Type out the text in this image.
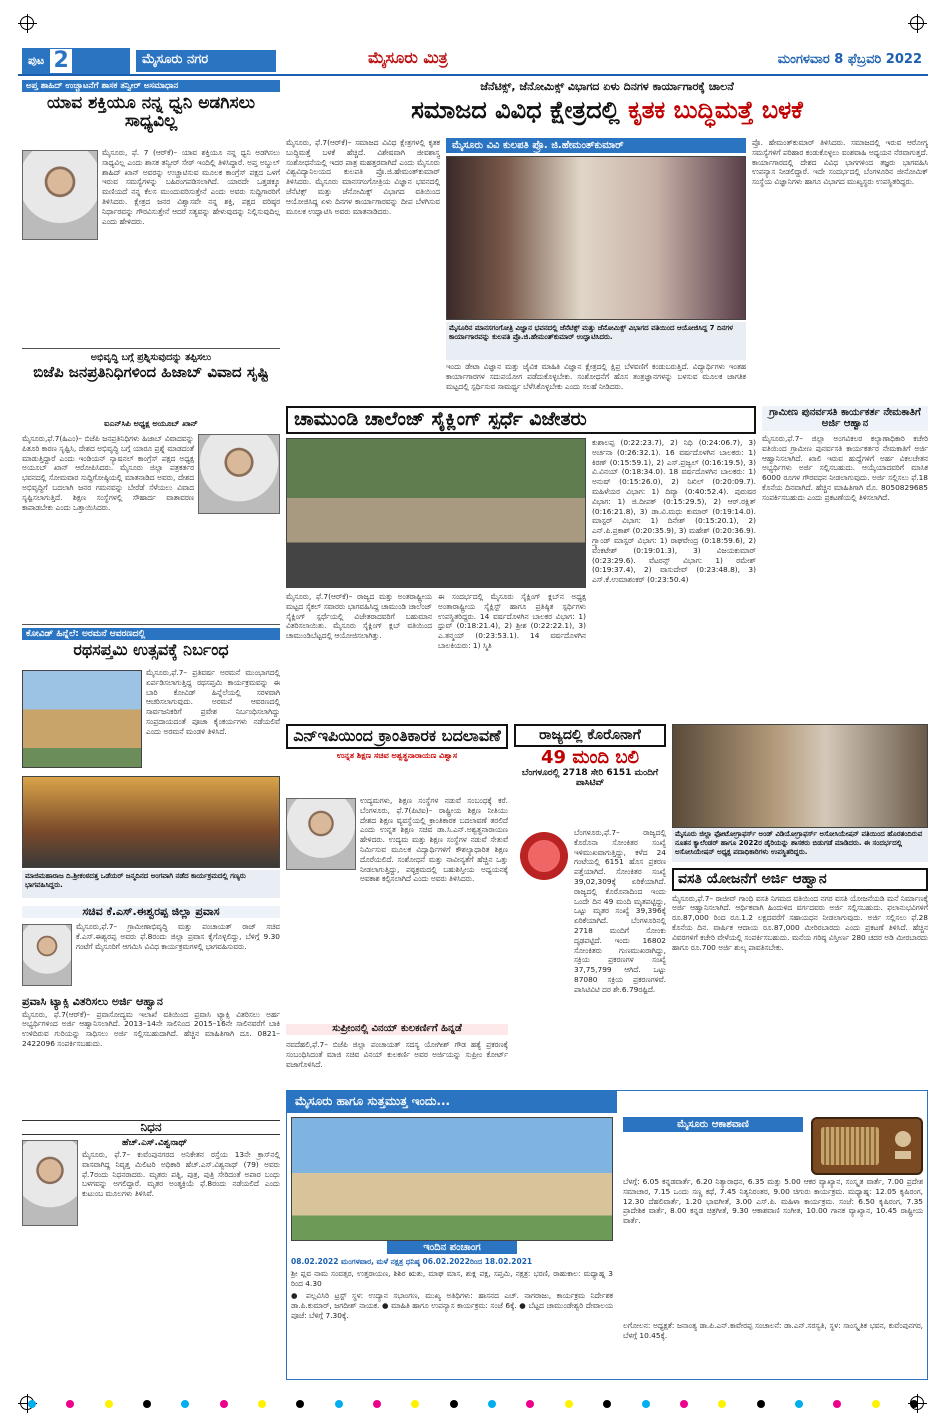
ಪುಟ 2	ಮೈಸೂರು ನಗರ	ಮೈಸೂರು ಮಿತ್ರ	ಮಂಗಳವಾರ 8 ಫೆಬ್ರವರಿ 2022
ಅಪ್ತ ಶಾಹಿದ್ ಉಚ್ಚಾಟನೆಗೆ ಶಾಸಕ ತನ್ವೀರ್ ಅಸಮಾಧಾನ
ಯಾವ ಶಕ್ತಿಯೂ ನನ್ನ ಧ್ವನಿ ಅಡಗಿಸಲು ಸಾಧ್ಯವಿಲ್ಲ
ಮೈಸೂರು, ಫೆ. 7 (ಆರ್‌ಕೆ)– ಯಾವ ಶಕ್ತಿಯೂ ನನ್ನ ಧ್ವನಿ ಅಡಗಿಸಲು ಸಾಧ್ಯವಿಲ್ಲ ಎಂದು ಶಾಸಕ ತನ್ವೀರ್ ಸೇಠ್ ಇಂದಿಲ್ಲಿ ತಿಳಿಸಿದ್ದಾರೆ. ಅಪ್ತ ಅಬ್ದುಲ್ ಶಾಹಿದ್ ಖಾನ್ ಅವರನ್ನು ಉಚ್ಚಾಟಿಸುವ ಮೂಲಕ ಕಾಂಗ್ರೆಸ್ ಪಕ್ಷದ ಒಳಗೆ ಇರುವ ಸಮಸ್ಯೆಗಳನ್ನು ಬಹಿರಂಗಪಡಿಸಲಾಗಿದೆ. ಯಾರದೇ ಒತ್ತಡಕ್ಕೂ ಮಣಿಯದೆ ನನ್ನ ಕೆಲಸ ಮುಂದುವರಿಸುತ್ತೇನೆ ಎಂದು ಅವರು ಸುದ್ದಿಗಾರರಿಗೆ ತಿಳಿಸಿದರು. ಕ್ಷೇತ್ರದ ಜನರ ವಿಶ್ವಾಸವೇ ನನ್ನ ಶಕ್ತಿ, ಪಕ್ಷದ ವರಿಷ್ಠರ ನಿರ್ಧಾರವನ್ನು ಗೌರವಿಸುತ್ತೇನೆ ಆದರೆ ಸತ್ಯವನ್ನು ಹೇಳುವುದನ್ನು ನಿಲ್ಲಿಸುವುದಿಲ್ಲ ಎಂದು ಹೇಳಿದರು.
ಅಭಿವೃದ್ಧಿ ಬಗ್ಗೆ ಪ್ರಶ್ನಿಸುವುದನ್ನು ತಪ್ಪಿಸಲು
ಬಿಜೆಪಿ ಜನಪ್ರತಿನಿಧಿಗಳಿಂದ ಹಿಜಾಬ್ ವಿವಾದ ಸೃಷ್ಟಿ
ಐಎನ್‌ಸಿಪಿ ಅಧ್ಯಕ್ಷ ಅಯೂಬ್ ಖಾನ್
ಮೈಸೂರು,ಫೆ.7(ಹಿಎಂ)– ಬಿಜೆಪಿ ಜನಪ್ರತಿನಿಧಿಗಳು ಹಿಜಾಬ್ ವಿವಾದವನ್ನು ಪಿತೂರಿ ಕಾರಣ ಸೃಷ್ಟಿಸಿ, ದೇಶದ ಅಭಿವೃದ್ಧಿ ಬಗ್ಗೆ ಯಾರೂ ಪ್ರಶ್ನೆ ಮಾಡದಂತೆ ಮಾಡುತ್ತಿದ್ದಾರೆ ಎಂದು ಇಂಡಿಯನ್ ನ್ಯಾಷನಲ್ ಕಾಂಗ್ರೆಸ್ ಪಕ್ಷದ ಅಧ್ಯಕ್ಷ ಅಯೂಬ್ ಖಾನ್ ಆರೋಪಿಸಿದರು. ಮೈಸೂರು ಜಿಲ್ಲಾ ಪತ್ರಕರ್ತರ ಭವನದಲ್ಲಿ ಸೋಮವಾರ ಸುದ್ದಿಗೋಷ್ಠಿಯಲ್ಲಿ ಮಾತನಾಡಿದ ಅವರು, ದೇಶದ ಅಭಿವೃದ್ಧಿಗೆ ಬದಲಾಗಿ ಜನರ ಗಮನವನ್ನು ಬೇರೆಡೆ ಸೆಳೆಯಲು ವಿವಾದ ಸೃಷ್ಟಿಸಲಾಗುತ್ತಿದೆ. ಶಿಕ್ಷಣ ಸಂಸ್ಥೆಗಳಲ್ಲಿ ಸೌಹಾರ್ದ ವಾತಾವರಣ ಕಾಪಾಡಬೇಕು ಎಂದು ಒತ್ತಾಯಿಸಿದರು.
ಕೋವಿಡ್ ಹಿನ್ನೆಲೆ: ಅರಮನೆ ಆವರಣದಲ್ಲಿ
ರಥಸಪ್ತಮಿ ಉತ್ಸವಕ್ಕೆ ನಿರ್ಬಂಧ
ಮೈಸೂರು,ಫೆ.7– ಪ್ರತಿವರ್ಷ ಅರಮನೆ ಮುಂಭಾಗದಲ್ಲಿ ಏರ್ಪಡಿಸಲಾಗುತ್ತಿದ್ದ ರಥಸಪ್ತಮಿ ಕಾರ್ಯಕ್ರಮವನ್ನು ಈ ಬಾರಿ ಕೋವಿಡ್ ಹಿನ್ನೆಲೆಯಲ್ಲಿ ಸರಳವಾಗಿ ಆಚರಿಸಲಾಗುವುದು. ಅರಮನೆ ಆವರಣದಲ್ಲಿ ಸಾರ್ವಜನಿಕರಿಗೆ ಪ್ರವೇಶ ನಿರ್ಬಂಧಿಸಲಾಗಿದ್ದು ಸಂಪ್ರದಾಯದಂತೆ ಪೂಜಾ ಕೈಂಕರ್ಯಗಳು ನಡೆಯಲಿವೆ ಎಂದು ಅರಮನೆ ಮಂಡಳಿ ತಿಳಿಸಿದೆ.
ಮಾಜಿಮಹಾರಾಜ ದಿ.ಶ್ರೀಕಂಠದತ್ತ ಒಡೆಯರ್ ಜನ್ಮದಿನದ ಅಂಗವಾಗಿ ನಡೆದ ಕಾರ್ಯಕ್ರಮದಲ್ಲಿ ಗಣ್ಯರು ಭಾಗವಹಿಸಿದ್ದರು.
ಸಚಿವ ಕೆ.ಎಸ್.ಈಶ್ವರಪ್ಪ ಜಿಲ್ಲಾ ಪ್ರವಾಸ
ಮೈಸೂರು,ಫೆ.7– ಗ್ರಾಮೀಣಾಭಿವೃದ್ಧಿ ಮತ್ತು ಪಂಚಾಯತ್ ರಾಜ್ ಸಚಿವ ಕೆ.ಎಸ್.ಈಶ್ವರಪ್ಪ ಅವರು ಫೆ.8ರಂದು ಜಿಲ್ಲಾ ಪ್ರವಾಸ ಕೈಗೊಳ್ಳಲಿದ್ದು, ಬೆಳಿಗ್ಗೆ 9.30 ಗಂಟೆಗೆ ಮೈಸೂರಿಗೆ ಆಗಮಿಸಿ ವಿವಿಧ ಕಾರ್ಯಕ್ರಮಗಳಲ್ಲಿ ಭಾಗವಹಿಸುವರು.
ಪ್ರವಾಸಿ ಟ್ಯಾಕ್ಸಿ ವಿತರಿಸಲು ಅರ್ಜಿ ಆಹ್ವಾನ
ಮೈಸೂರು, ಫೆ.7(ಆರ್‌ಕೆ)– ಪ್ರವಾಸೋದ್ಯಮ ಇಲಾಖೆ ವತಿಯಿಂದ ಪ್ರವಾಸಿ ಟ್ಯಾಕ್ಸಿ ವಿತರಿಸಲು ಅರ್ಹ ಅಭ್ಯರ್ಥಿಗಳಿಂದ ಅರ್ಜಿ ಆಹ್ವಾನಿಸಲಾಗಿದೆ. 2013–14ನೇ ಸಾಲಿನಿಂದ 2015–16ನೇ ಸಾಲಿನವರೆಗೆ ಬಾಕಿ ಉಳಿದಿರುವ ಗುರಿಯನ್ನು ಸಾಧಿಸಲು ಅರ್ಜಿ ಸಲ್ಲಿಸಬಹುದಾಗಿದೆ. ಹೆಚ್ಚಿನ ಮಾಹಿತಿಗಾಗಿ ದೂ. 0821–2422096 ಸಂಪರ್ಕಿಸಬಹುದು.
ನಿಧನ
ಹೆಚ್.ಎಸ್.ವಿಶ್ವನಾಥ್
ಮೈಸೂರು, ಫೆ.7– ಕುವೆಂಪುನಗರದ ಅನಿಕೇತನ ರಸ್ತೆಯ 13ನೇ ಕ್ರಾಸ್‌ನಲ್ಲಿ ವಾಸವಾಗಿದ್ದ ನಿವೃತ್ತ ಮಿಲಿಟರಿ ಅಧಿಕಾರಿ ಹೆಚ್.ಎಸ್.ವಿಶ್ವನಾಥ್ (79) ಅವರು ಫೆ.7ರಂದು ನಿಧನರಾದರು. ಮೃತರು ಪತ್ನಿ, ಪುತ್ರ, ಪುತ್ರಿ ಸೇರಿದಂತೆ ಅಪಾರ ಬಂಧು ಬಳಗವನ್ನು ಅಗಲಿದ್ದಾರೆ. ಮೃತರ ಅಂತ್ಯಕ್ರಿಯೆ ಫೆ.8ರಂದು ನಡೆಯಲಿದೆ ಎಂದು ಕುಟುಂಬ ಮೂಲಗಳು ತಿಳಿಸಿವೆ.
ಜೆನೆಟಿಕ್ಸ್, ಜೆನೋಮಿಕ್ಸ್ ವಿಭಾಗದ ಏಳು ದಿನಗಳ ಕಾರ್ಯಾಗಾರಕ್ಕೆ ಚಾಲನೆ
ಸಮಾಜದ ವಿವಿಧ ಕ್ಷೇತ್ರದಲ್ಲಿ ಕೃತಕ ಬುದ್ಧಿಮತ್ತೆ ಬಳಕೆ
ಮೈಸೂರು ವಿವಿ ಕುಲಪತಿ ಪ್ರೊ. ಜಿ.ಹೇಮಂತ್‌ಕುಮಾರ್
ಮೈಸೂರಿನ ಮಾನಸಗಂಗೋತ್ರಿ ವಿಜ್ಞಾನ ಭವನದಲ್ಲಿ ಜೆನೆಟಿಕ್ಸ್ ಮತ್ತು ಜೆನೋಮಿಕ್ಸ್ ವಿಭಾಗದ ವತಿಯಿಂದ ಆಯೋಜಿಸಿದ್ದ 7 ದಿನಗಳ ಕಾರ್ಯಾಗಾರವನ್ನು ಕುಲಪತಿ ಪ್ರೊ.ಜಿ.ಹೇಮಂತ್‌ಕುಮಾರ್ ಉದ್ಘಾಟಿಸಿದರು.
ಮೈಸೂರು, ಫೆ.7(ಆರ್‌ಕೆ)– ಸಮಾಜದ ವಿವಿಧ ಕ್ಷೇತ್ರಗಳಲ್ಲಿ ಕೃತಕ ಬುದ್ಧಿಮತ್ತೆ ಬಳಕೆ ಹೆಚ್ಚಿದೆ. ವಿಶೇಷವಾಗಿ ಜೀವಶಾಸ್ತ್ರ ಸಂಶೋಧನೆಯಲ್ಲಿ ಇದರ ಪಾತ್ರ ಮಹತ್ತರವಾಗಿದೆ ಎಂದು ಮೈಸೂರು ವಿಶ್ವವಿದ್ಯಾನಿಲಯದ ಕುಲಪತಿ ಪ್ರೊ.ಜಿ.ಹೇಮಂತ್‌ಕುಮಾರ್ ತಿಳಿಸಿದರು. ಮೈಸೂರು ಮಾನಸಗಂಗೋತ್ರಿಯ ವಿಜ್ಞಾನ ಭವನದಲ್ಲಿ ಜೆನೆಟಿಕ್ಸ್ ಮತ್ತು ಜೆನೋಮಿಕ್ಸ್ ವಿಭಾಗದ ವತಿಯಿಂದ ಆಯೋಜಿಸಿದ್ದ ಏಳು ದಿನಗಳ ಕಾರ್ಯಾಗಾರವನ್ನು ದೀಪ ಬೆಳಗಿಸುವ ಮೂಲಕ ಉದ್ಘಾಟಿಸಿ ಅವರು ಮಾತನಾಡಿದರು.
ಇಂದು ಡೇಟಾ ವಿಜ್ಞಾನ ಮತ್ತು ಜೈವಿಕ ಮಾಹಿತಿ ವಿಜ್ಞಾನ ಕ್ಷೇತ್ರದಲ್ಲಿ ಕ್ಷಿಪ್ರ ಬೆಳವಣಿಗೆ ಕಂಡುಬರುತ್ತಿದೆ. ವಿದ್ಯಾರ್ಥಿಗಳು ಇಂತಹ ಕಾರ್ಯಾಗಾರಗಳ ಸದುಪಯೋಗ ಪಡೆದುಕೊಳ್ಳಬೇಕು. ಸಂಶೋಧನೆಗೆ ಹೊಸ ತಂತ್ರಜ್ಞಾನಗಳನ್ನು ಬಳಸುವ ಮೂಲಕ ಜಾಗತಿಕ ಮಟ್ಟದಲ್ಲಿ ಸ್ಪರ್ಧಿಸುವ ಸಾಮರ್ಥ್ಯ ಬೆಳೆಸಿಕೊಳ್ಳಬೇಕು ಎಂದು ಸಲಹೆ ನೀಡಿದರು.
ಪ್ರೊ. ಹೇಮಂತ್‌ಕುಮಾರ್ ತಿಳಿಸಿದರು. ಸಮಾಜದಲ್ಲಿ ಇರುವ ಆರೋಗ್ಯ ಸಮಸ್ಯೆಗಳಿಗೆ ಪರಿಹಾರ ಕಂಡುಕೊಳ್ಳಲು ವಂಶವಾಹಿ ಅಧ್ಯಯನ ನೆರವಾಗುತ್ತದೆ. ಕಾರ್ಯಾಗಾರದಲ್ಲಿ ದೇಶದ ವಿವಿಧ ಭಾಗಗಳಿಂದ ತಜ್ಞರು ಭಾಗವಹಿಸಿ ಉಪನ್ಯಾಸ ನೀಡಲಿದ್ದಾರೆ. ಇದೇ ಸಂದರ್ಭದಲ್ಲಿ ಬೆಂಗಳೂರಿನ ಜೀನೋಮಿಕ್ ಸಂಸ್ಥೆಯ ವಿಜ್ಞಾನಿಗಳು ಹಾಗೂ ವಿಭಾಗದ ಮುಖ್ಯಸ್ಥರು ಉಪಸ್ಥಿತರಿದ್ದರು.
ಚಾಮುಂಡಿ ಚಾಲೆಂಜ್ ಸೈಕ್ಲಿಂಗ್ ಸ್ಪರ್ಧೆ ವಿಜೇತರು
ಮೈಸೂರು, ಫೆ.7(ಆರ್‌ಕೆ)– ರಾಜ್ಯದ ಮತ್ತು ಅಂತರಾಷ್ಟ್ರೀಯ ಮಟ್ಟದ ಸೈಕಲ್ ಸವಾರರು ಭಾಗವಹಿಸಿದ್ದ ಚಾಮುಂಡಿ ಚಾಲೆಂಜ್ ಸೈಕ್ಲಿಂಗ್ ಸ್ಪರ್ಧೆಯಲ್ಲಿ ವಿಜೇತರಾದವರಿಗೆ ಬಹುಮಾನ ವಿತರಿಸಲಾಯಿತು. ಮೈಸೂರು ಸೈಕ್ಲಿಂಗ್ ಕ್ಲಬ್ ವತಿಯಿಂದ ಚಾಮುಂಡಿಬೆಟ್ಟದಲ್ಲಿ ಆಯೋಜಿಸಲಾಗಿತ್ತು.
ಈ ಸಂದರ್ಭದಲ್ಲಿ ಮೈಸೂರು ಸೈಕ್ಲಿಂಗ್ ಕ್ಲಬ್‌ನ ಅಧ್ಯಕ್ಷ ಅಂತಾರಾಷ್ಟ್ರೀಯ ಸೈಕ್ಲಿಸ್ಟ್ ಹಾಗೂ ಪ್ರತಿಷ್ಠಿತ ಸ್ಪರ್ಧಿಗಳು ಉಪಸ್ಥಿತರಿದ್ದರು. 14 ವರ್ಷದೊಳಗಿನ ಬಾಲಕರ ವಿಭಾಗ: 1) ಧ್ರುವ್ (0:18:21.4), 2) ಶ್ರೀಶ (0:22:22.1), 3) ಎ.ತನ್ಮಯ್ (0:23:53.1). 14 ವರ್ಷದೊಳಗಿನ ಬಾಲಕಿಯರು: 1) ಸ್ಮಿತಿ
ಕುಶಾಲಪ್ಪ (0:22:23.7), 2) ನಿಧಿ (0:24:06.7), 3) ಅರ್ಚನಾ (0:26:32.1). 16 ವರ್ಷದೊಳಗಿನ ಬಾಲಕರು: 1) ಕಿರಣ್ (0:15:59.1), 2) ಎಸ್.ಪ್ರಜ್ವಲ್ (0:16:19.5), 3) ವಿ.ವಿನಯ್ (0:18:34.0). 18 ವರ್ಷದೊಳಗಿನ ಬಾಲಕರು: 1) ಅನುಷ್ (0:15:26.0), 2) ನಿಖಿಲ್ (0:20:09.7). ಮಹಿಳೆಯರ ವಿಭಾಗ: 1) ದಿವ್ಯಾ (0:40:52.4). ಪುರುಷರ ವಿಭಾಗ: 1) ಜಿ.ದೀಪಕ್ (0:15:29.5), 2) ಆರ್.ರಕ್ಷಿತ್ (0:16:21.8), 3) ಡಾ.ವಿ.ಮಧು ಕುಮಾರ್ (0:19:14.0). ಮಾಸ್ಟರ್ ವಿಭಾಗ: 1) ದಿನೇಶ್ (0:15:20.1), 2) ಎನ್.ಪಿ.ಪ್ರಕಾಶ್ (0:20:35.9), 3) ಮಹೇಶ್ (0:20:36.9). ಗ್ರ್ಯಾಂಡ್ ಮಾಸ್ಟರ್ ವಿಭಾಗ: 1) ರಾಘವೇಂದ್ರ (0:18:59.6), 2) ವೆಂಕಟೇಶ್ (0:19:01.3), 3) ವಿಜಯಕುಮಾರ್ (0:23:29.6). ವೆಟರನ್ಸ್ ವಿಭಾಗ: 1) ರಮೇಶ್ (0:19:37.4), 2) ವಾಸುದೇವ್ (0:23:48.8), 3) ಎಸ್.ಕೆ.ಉಮಾಶಂಕರ್ (0:23:50.4)
ಗ್ರಾಮೀಣ ಪುನರ್ವಸತಿ ಕಾರ್ಯಕರ್ತ ನೇಮಕಾತಿಗೆ ಅರ್ಜಿ ಆಹ್ವಾನ
ಮೈಸೂರು,ಫೆ.7– ಜಿಲ್ಲಾ ಅಂಗವಿಕಲರ ಕಲ್ಯಾಣಾಧಿಕಾರಿ ಕಚೇರಿ ವತಿಯಿಂದ ಗ್ರಾಮೀಣ ಪುನರ್ವಸತಿ ಕಾರ್ಯಕರ್ತರ ನೇಮಕಾತಿಗೆ ಅರ್ಜಿ ಆಹ್ವಾನಿಸಲಾಗಿದೆ. ಖಾಲಿ ಇರುವ ಹುದ್ದೆಗಳಿಗೆ ಅರ್ಹ ವಿಕಲಚೇತನ ಅಭ್ಯರ್ಥಿಗಳು ಅರ್ಜಿ ಸಲ್ಲಿಸಬಹುದು. ಆಯ್ಕೆಯಾದವರಿಗೆ ಮಾಸಿಕ 6000 ರೂಗಳ ಗೌರವಧನ ನೀಡಲಾಗುವುದು. ಅರ್ಜಿ ಸಲ್ಲಿಸಲು ಫೆ.18 ಕೊನೆಯ ದಿನವಾಗಿದೆ. ಹೆಚ್ಚಿನ ಮಾಹಿತಿಗಾಗಿ ಮೊ. 8050829685 ಸಂಪರ್ಕಿಸಬಹುದು ಎಂದು ಪ್ರಕಟಣೆಯಲ್ಲಿ ತಿಳಿಸಲಾಗಿದೆ.
ಎನ್‌ಇಪಿಯಿಂದ ಕ್ರಾಂತಿಕಾರಕ ಬದಲಾವಣೆ
ಉನ್ನತ ಶಿಕ್ಷಣ ಸಚಿವ ಅಶ್ವತ್ಥನಾರಾಯಣ ವಿಶ್ವಾಸ
ಉದ್ಯಮಗಳು, ಶಿಕ್ಷಣ ಸಂಸ್ಥೆಗಳ ನಡುವೆ ಸಂಬಂಧಕ್ಕೆ ಕರೆ. ಬೆಂಗಳೂರು, ಫೆ.7(ಪಿಟಿಐ)– ರಾಷ್ಟ್ರೀಯ ಶಿಕ್ಷಣ ನೀತಿಯು ದೇಶದ ಶಿಕ್ಷಣ ವ್ಯವಸ್ಥೆಯಲ್ಲಿ ಕ್ರಾಂತಿಕಾರಕ ಬದಲಾವಣೆ ತರಲಿದೆ ಎಂದು ಉನ್ನತ ಶಿಕ್ಷಣ ಸಚಿವ ಡಾ.ಸಿ.ಎನ್.ಅಶ್ವತ್ಥನಾರಾಯಣ ಹೇಳಿದರು. ಉದ್ಯಮ ಮತ್ತು ಶಿಕ್ಷಣ ಸಂಸ್ಥೆಗಳ ನಡುವೆ ಸೇತುವೆ ನಿರ್ಮಿಸುವ ಮೂಲಕ ವಿದ್ಯಾರ್ಥಿಗಳಿಗೆ ಕೌಶಲ್ಯಾಧಾರಿತ ಶಿಕ್ಷಣ ದೊರೆಯಲಿದೆ. ಸಂಶೋಧನೆ ಮತ್ತು ನಾವೀನ್ಯತೆಗೆ ಹೆಚ್ಚಿನ ಒತ್ತು ನೀಡಲಾಗುತ್ತಿದ್ದು, ಪಠ್ಯಕ್ರಮದಲ್ಲಿ ಬಹುಶಿಸ್ತೀಯ ಅಧ್ಯಯನಕ್ಕೆ ಅವಕಾಶ ಕಲ್ಪಿಸಲಾಗಿದೆ ಎಂದು ಅವರು ತಿಳಿಸಿದರು.
ಸುಪ್ರೀಂನಲ್ಲಿ ವಿನಯ್ ಕುಲಕರ್ಣಿಗೆ ಹಿನ್ನಡೆ
ನವದೆಹಲಿ,ಫೆ.7– ಬಿಜೆಪಿ ಜಿಲ್ಲಾ ಪಂಚಾಯತ್ ಸದಸ್ಯ ಯೋಗೀಶ್ ಗೌಡ ಹತ್ಯೆ ಪ್ರಕರಣಕ್ಕೆ ಸಂಬಂಧಿಸಿದಂತೆ ಮಾಜಿ ಸಚಿವ ವಿನಯ್ ಕುಲಕರ್ಣಿ ಅವರ ಅರ್ಜಿಯನ್ನು ಸುಪ್ರೀಂ ಕೋರ್ಟ್ ವಜಾಗೊಳಿಸಿದೆ.
ರಾಜ್ಯದಲ್ಲಿ ಕೊರೊನಾಗೆ
49 ಮಂದಿ ಬಲಿ
ಬೆಂಗಳೂರಲ್ಲಿ 2718 ಸೇರಿ 6151 ಮಂದಿಗೆ ಪಾಸಿಟಿವ್
ಬೆಂಗಳೂರು,ಫೆ.7– ರಾಜ್ಯದಲ್ಲಿ ಕೊರೊನಾ ಸೋಂಕಿತರ ಸಂಖ್ಯೆ ಇಳಿಮುಖವಾಗುತ್ತಿದ್ದು, ಕಳೆದ 24 ಗಂಟೆಯಲ್ಲಿ 6151 ಹೊಸ ಪ್ರಕರಣ ಪತ್ತೆಯಾಗಿದೆ. ಸೋಂಕಿತರ ಸಂಖ್ಯೆ 39,02,309ಕ್ಕೆ ಏರಿಕೆಯಾಗಿದೆ. ರಾಜ್ಯದಲ್ಲಿ ಕೊರೊನಾದಿಂದ ಇಂದು ಒಂದೇ ದಿನ 49 ಮಂದಿ ಮೃತಪಟ್ಟಿದ್ದು, ಒಟ್ಟು ಮೃತರ ಸಂಖ್ಯೆ 39,396ಕ್ಕೆ ಏರಿಕೆಯಾಗಿದೆ. ಬೆಂಗಳೂರಿನಲ್ಲಿ 2718 ಮಂದಿಗೆ ಸೋಂಕು ದೃಢಪಟ್ಟಿದೆ. ಇಂದು 16802 ಸೋಂಕಿತರು ಗುಣಮುಖರಾಗಿದ್ದು, ಸಕ್ರಿಯ ಪ್ರಕರಣಗಳ ಸಂಖ್ಯೆ 37,75,799 ಆಗಿದೆ. ಒಟ್ಟು 87080 ಸಕ್ರಿಯ ಪ್ರಕರಣಗಳಿವೆ. ಪಾಸಿಟಿವಿಟಿ ದರ ಶೇ.6.79ರಷ್ಟಿದೆ.
ಮೈಸೂರು ಜಿಲ್ಲಾ ಫೋಟೋಗ್ರಾಫರ್ಸ್ ಅಂಡ್ ವಿಡಿಯೋಗ್ರಾಫರ್ಸ್ ಅಸೋಸಿಯೇಷನ್ ವತಿಯಿಂದ ಹೊರತಂದಿರುವ ನೂತನ ಕ್ಯಾಲೆಂಡರ್ ಹಾಗೂ 2022ರ ಡೈರಿಯನ್ನು ಶಾಸಕರು ಬಿಡುಗಡೆ ಮಾಡಿದರು. ಈ ಸಂದರ್ಭದಲ್ಲಿ ಅಸೋಸಿಯೇಷನ್ ಅಧ್ಯಕ್ಷ ಪದಾಧಿಕಾರಿಗಳು ಉಪಸ್ಥಿತರಿದ್ದರು.
ವಸತಿ ಯೋಜನೆಗೆ ಅರ್ಜಿ ಆಹ್ವಾನ
ಮೈಸೂರು,ಫೆ.7– ರಾಜೀವ್ ಗಾಂಧಿ ವಸತಿ ನಿಗಮದ ವತಿಯಿಂದ ನಗರ ವಸತಿ ಯೋಜನೆಯಡಿ ಮನೆ ನಿರ್ಮಾಣಕ್ಕೆ ಅರ್ಜಿ ಆಹ್ವಾನಿಸಲಾಗಿದೆ. ಆರ್ಥಿಕವಾಗಿ ಹಿಂದುಳಿದ ವರ್ಗದವರು ಅರ್ಜಿ ಸಲ್ಲಿಸಬಹುದು. ಫಲಾನುಭವಿಗಳಿಗೆ ರೂ.87,000 ರಿಂದ ರೂ.1.2 ಲಕ್ಷದವರೆಗೆ ಸಹಾಯಧನ ನೀಡಲಾಗುವುದು. ಅರ್ಜಿ ಸಲ್ಲಿಸಲು ಫೆ.28 ಕೊನೆಯ ದಿನ. ವಾರ್ಷಿಕ ಆದಾಯ ರೂ.87,000 ಮೀರಿರಬಾರದು ಎಂದು ಪ್ರಕಟಣೆ ತಿಳಿಸಿದೆ. ಹೆಚ್ಚಿನ ವಿವರಗಳಿಗೆ ಕಚೇರಿ ವೇಳೆಯಲ್ಲಿ ಸಂಪರ್ಕಿಸಬಹುದು. ಮನೆಯ ಗರಿಷ್ಠ ವಿಸ್ತೀರ್ಣ 280 ಚದರ ಅಡಿ ಮೀರಬಾರದು ಹಾಗೂ ರೂ.700 ಅರ್ಜಿ ಶುಲ್ಕ ಪಾವತಿಸಬೇಕು.
ಮೈಸೂರು ಹಾಗೂ ಸುತ್ತಮುತ್ತ ಇಂದು...
ಇಂದಿನ ಪಂಚಾಂಗ
08.02.2022 ಮಂಗಳವಾರ, ಮಳೆ ನಕ್ಷತ್ರ ಧನಿಷ್ಠ 06.02.2022ರಿಂದ 18.02.2021
ಶ್ರೀ ಪ್ಲವ ನಾಮ ಸಂವತ್ಸರ, ಉತ್ತರಾಯಣ, ಶಿಶಿರ ಋತು, ಮಾಘ ಮಾಸ, ಶುಕ್ಲ ಪಕ್ಷ, ಸಪ್ತಮಿ, ನಕ್ಷತ್ರ: ಭರಣಿ, ರಾಹುಕಾಲ: ಮಧ್ಯಾಹ್ನ 3 ರಿಂದ 4.30
● ಪಲ್ಲವಿಸಿರಿ ಟ್ರಸ್ಟ್ ಸ್ಥಳ: ಉದ್ಯಾನ ಸಭಾಂಗಣ, ಮುಖ್ಯ ಅತಿಥಿಗಳು: ಹಾಸನದ ಎಚ್. ನಾಗರಾಜು, ಕಾರ್ಯಕ್ರಮ ನಿರ್ದೇಶಕ ಡಾ.ಪಿ.ಕುಮಾರ್, ಜಗದೀಶ್ ನಾಯಕ. ● ಮಾಹಿತಿ ಹಾಗೂ ಉಪನ್ಯಾಸ ಕಾರ್ಯಕ್ರಮ: ಸಂಜೆ 6ಕ್ಕೆ. ● ಬೆಟ್ಟದ ಚಾಮುಂಡೇಶ್ವರಿ ದೇವಾಲಯ ಪೂಜೆ: ಬೆಳಿಗ್ಗೆ 7.30ಕ್ಕೆ.
ಮೈಸೂರು ಆಕಾಶವಾಣಿ
ಬೆಳಗ್ಗೆ: 6.05 ಕನ್ನಡವಾರ್ತೆ, 6.20 ನಿತ್ಯಾರಾಧನ, 6.35 ಮತ್ತು 5.00 ಆಕರ ವ್ಯಾಖ್ಯಾನ, ಸಂಸ್ಕೃತ ವಾರ್ತೆ, 7.00 ಪ್ರದೇಶ ಸಮಾಚಾರ, 7.15 ಒಂದು ಸಣ್ಣ ಕಥೆ, 7.45 ನಿತ್ಯನಿರಂತರ, 9.00 ಚಿಗುರು ಕಾರ್ಯಕ್ರಮ. ಮಧ್ಯಾಹ್ನ: 12.05 ಕೃಷಿರಂಗ, 12.30 ದೆಹಲಿವಾರ್ತೆ, 1.20 ಭಾವಗೀತೆ, 3.00 ಎಸ್.ಪಿ. ಮಹಿಳಾ ಕಾರ್ಯಕ್ರಮ. ಸಂಜೆ: 6.50 ಕೃಷಿರಂಗ, 7.35 ಪ್ರಾದೇಶಿಕ ವಾರ್ತೆ, 8.00 ಕನ್ನಡ ಚಿತ್ರಗೀತೆ, 9.30 ಆಕಾಶವಾಣಿ ಸಂಗೀತ, 10.00 ಗಾನಕ ವ್ಯಾಖ್ಯಾನ, 10.45 ರಾಷ್ಟ್ರೀಯ ವಾರ್ತೆ.
ಲಗೋಲನ: ಅಧ್ಯಕ್ಷತೆ: ಜನಾಂತ್ಯ ಡಾ.ಪಿ.ಎನ್.ಕಾವೇರಪ್ಪ ಸಂಚಾಲನೆ: ಡಾ.ಎನ್.ಸರಸ್ವತಿ, ಸ್ಥಳ: ಸಾಂಸ್ಕೃತಿಕ ಭವನ, ಕುವೆಂಪುನಗರ, ಬೆಳಗ್ಗೆ 10.45ಕ್ಕೆ.
